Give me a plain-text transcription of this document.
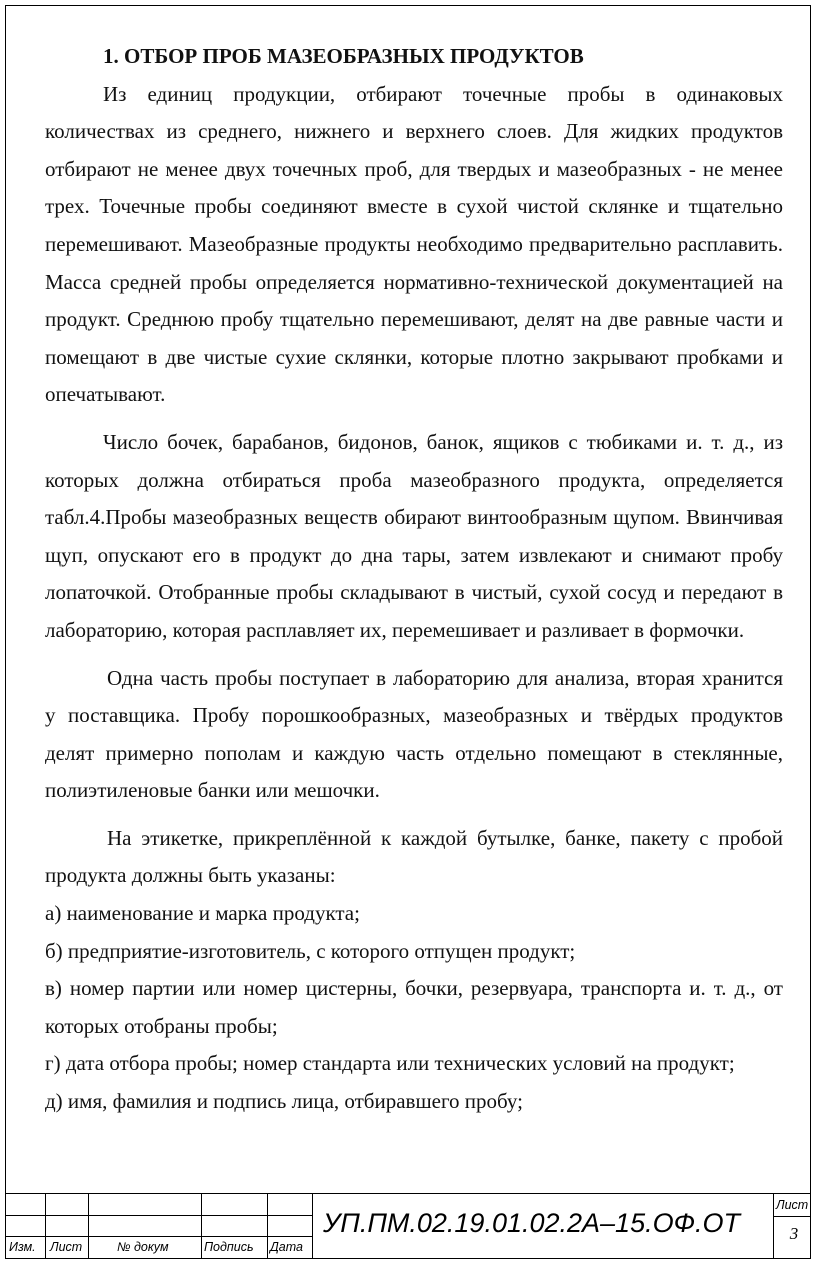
1. ОТБОР ПРОБ МАЗЕОБРАЗНЫХ ПРОДУКТОВ

Из единиц продукции, отбирают точечные пробы в одинаковых количествах из среднего, нижнего и верхнего слоев. Для жидких продуктов отбирают не менее двух точечных проб, для твердых и мазеобразных - не менее трех. Точечные пробы соединяют вместе в сухой чистой склянке и тщательно перемешивают. Мазеобразные продукты необходимо предварительно расплавить. Масса средней пробы определяется нормативно-технической документацией на продукт. Среднюю пробу тщательно перемешивают, делят на две равные части и помещают в две чистые сухие склянки, которые плотно закрывают пробками и опечатывают.

Число бочек, барабанов, бидонов, банок, ящиков с тюбиками и. т. д., из которых должна отбираться проба мазеобразного продукта, определяется табл.4.Пробы мазеобразных веществ обирают винтообразным щупом. Ввинчивая щуп, опускают его в продукт до дна тары, затем извлекают и снимают пробу лопаточкой. Отобранные пробы складывают в чистый, сухой сосуд и передают в лабораторию, которая расплавляет их, перемешивает и разливает в формочки.

Одна часть пробы поступает в лабораторию для анализа, вторая хранится у поставщика. Пробу порошкообразных, мазеобразных и твёрдых продуктов делят примерно пополам и каждую часть отдельно помещают в стеклянные, полиэтиленовые банки или мешочки.

На этикетке, прикреплённой к каждой бутылке, банке, пакету с пробой продукта должны быть указаны:

а) наименование и марка продукта;

б) предприятие-изготовитель, с которого отпущен продукт;

в) номер партии или номер цистерны, бочки, резервуара, транспорта и. т. д., от которых отобраны пробы;

г) дата отбора пробы; номер стандарта или технических условий на продукт;

д) имя, фамилия и подпись лица, отбиравшего пробу;

Изм. Лист	№ докум	Подпись Дата
УП.ПМ.02.19.01.02.2А–15.ОФ.ОТ
Лист
3
